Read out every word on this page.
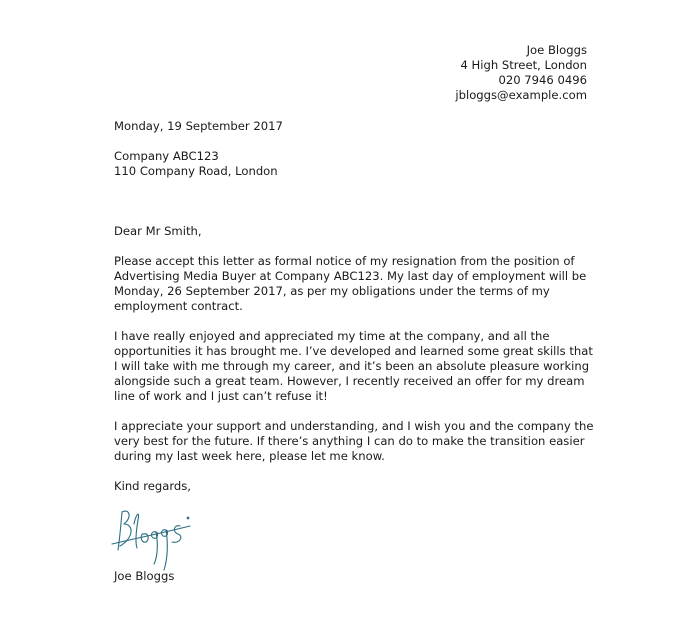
Joe Bloggs
4 High Street, London
020 7946 0496
jbloggs@example.com
Monday, 19 September 2017
Company ABC123
110 Company Road, London
Dear Mr Smith,

Please accept this letter as formal notice of my resignation from the position of Advertising Media Buyer at Company ABC123. My last day of employment will be Monday, 26 September 2017, as per my obligations under the terms of my employment contract.

I have really enjoyed and appreciated my time at the company, and all the opportunities it has brought me. I’ve developed and learned some great skills that I will take with me through my career, and it’s been an absolute pleasure working alongside such a great team. However, I recently received an offer for my dream line of work and I just can’t refuse it!

I appreciate your support and understanding, and I wish you and the company the very best for the future. If there’s anything I can do to make the transition easier during my last week here, please let me know.

Kind regards,

Joe Bloggs
